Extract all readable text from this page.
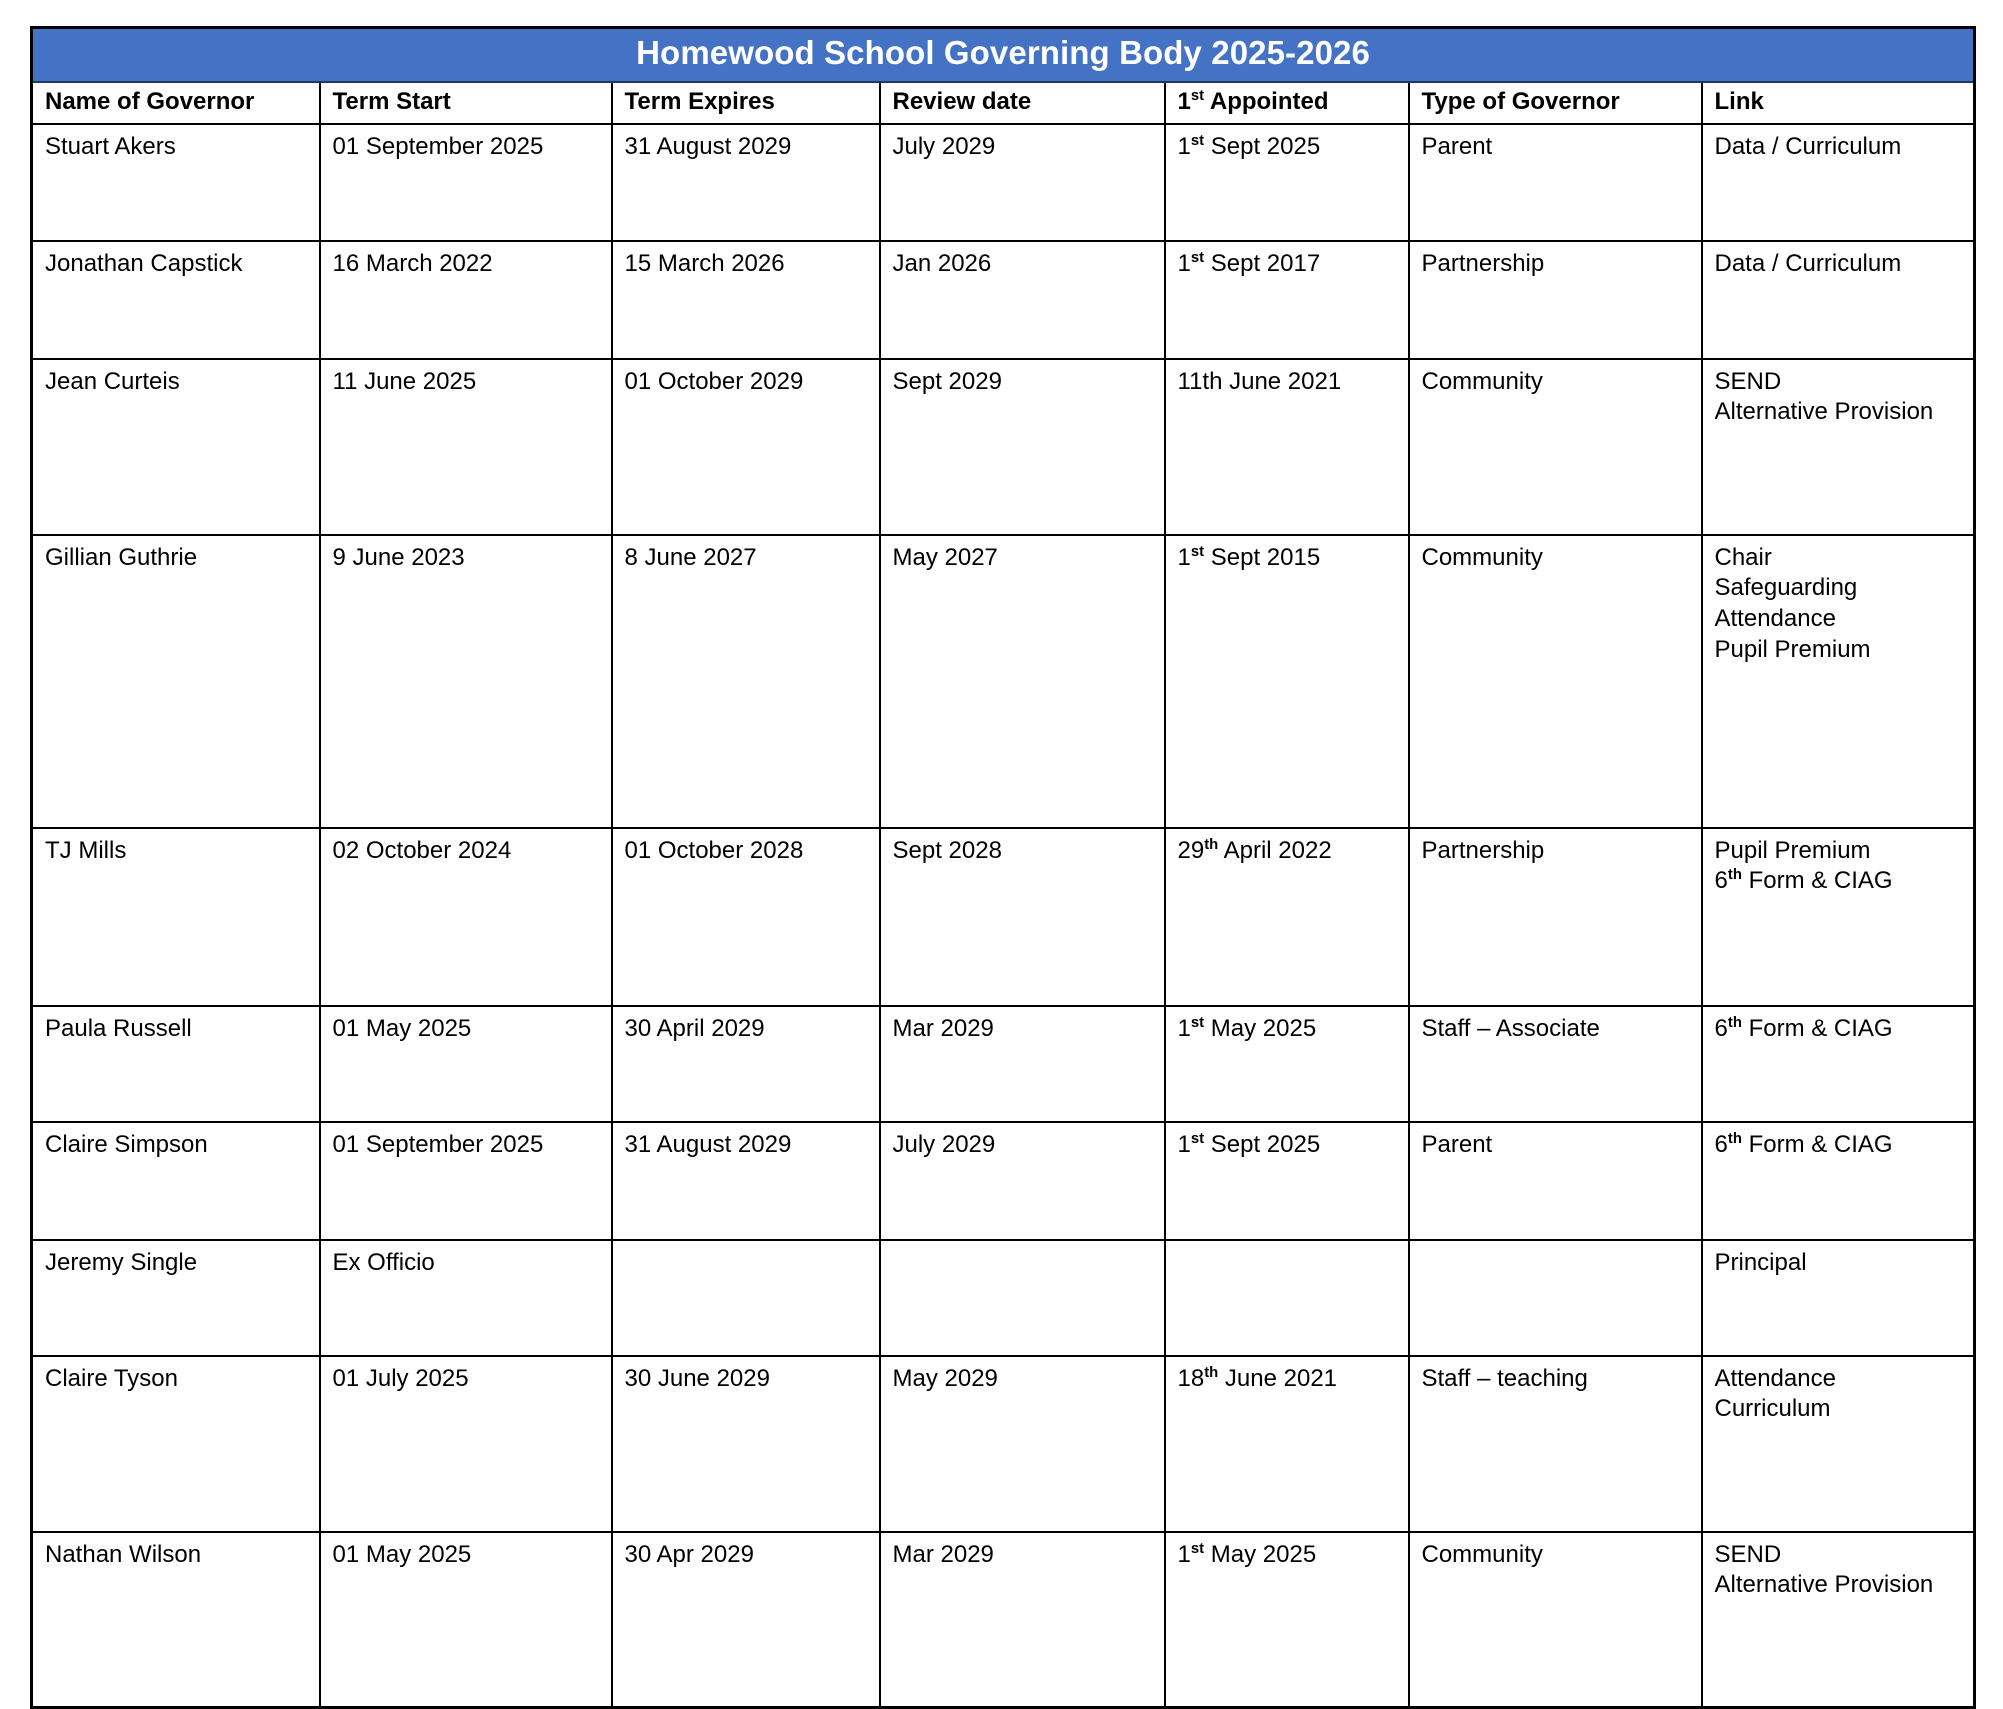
Homewood School Governing Body 2025-2026						
Name of Governor	Term Start	Term Expires	Review date	1st Appointed	Type of Governor	Link
Stuart Akers	01 September 2025	31 August 2029	July 2029	1st Sept 2025	Parent	Data / Curriculum

Jonathan Capstick	16 March 2022	15 March 2026	Jan 2026	1st Sept 2017	Partnership	Data / Curriculum

Jean Curteis	11 June 2025	01 October 2029	Sept 2029	11th June 2021	Community	SEND
Alternative Provision

Gillian Guthrie	9 June 2023	8 June 2027	May 2027	1st Sept 2015	Community	Chair
Safeguarding
Attendance
Pupil Premium

TJ Mills	02 October 2024	01 October 2028	Sept 2028	29th April 2022	Partnership	Pupil Premium
6th Form & CIAG

Paula Russell	01 May 2025	30 April 2029	Mar 2029	1st May 2025	Staff – Associate	6th Form & CIAG

Claire Simpson	01 September 2025	31 August 2029	July 2029	1st Sept 2025	Parent	6th Form & CIAG

Jeremy Single	Ex Officio					Principal

Claire Tyson	01 July 2025	30 June 2029	May 2029	18th June 2021	Staff – teaching	Attendance
Curriculum

Nathan Wilson	01 May 2025	30 Apr 2029	Mar 2029	1st May 2025	Community	SEND
Alternative Provision
